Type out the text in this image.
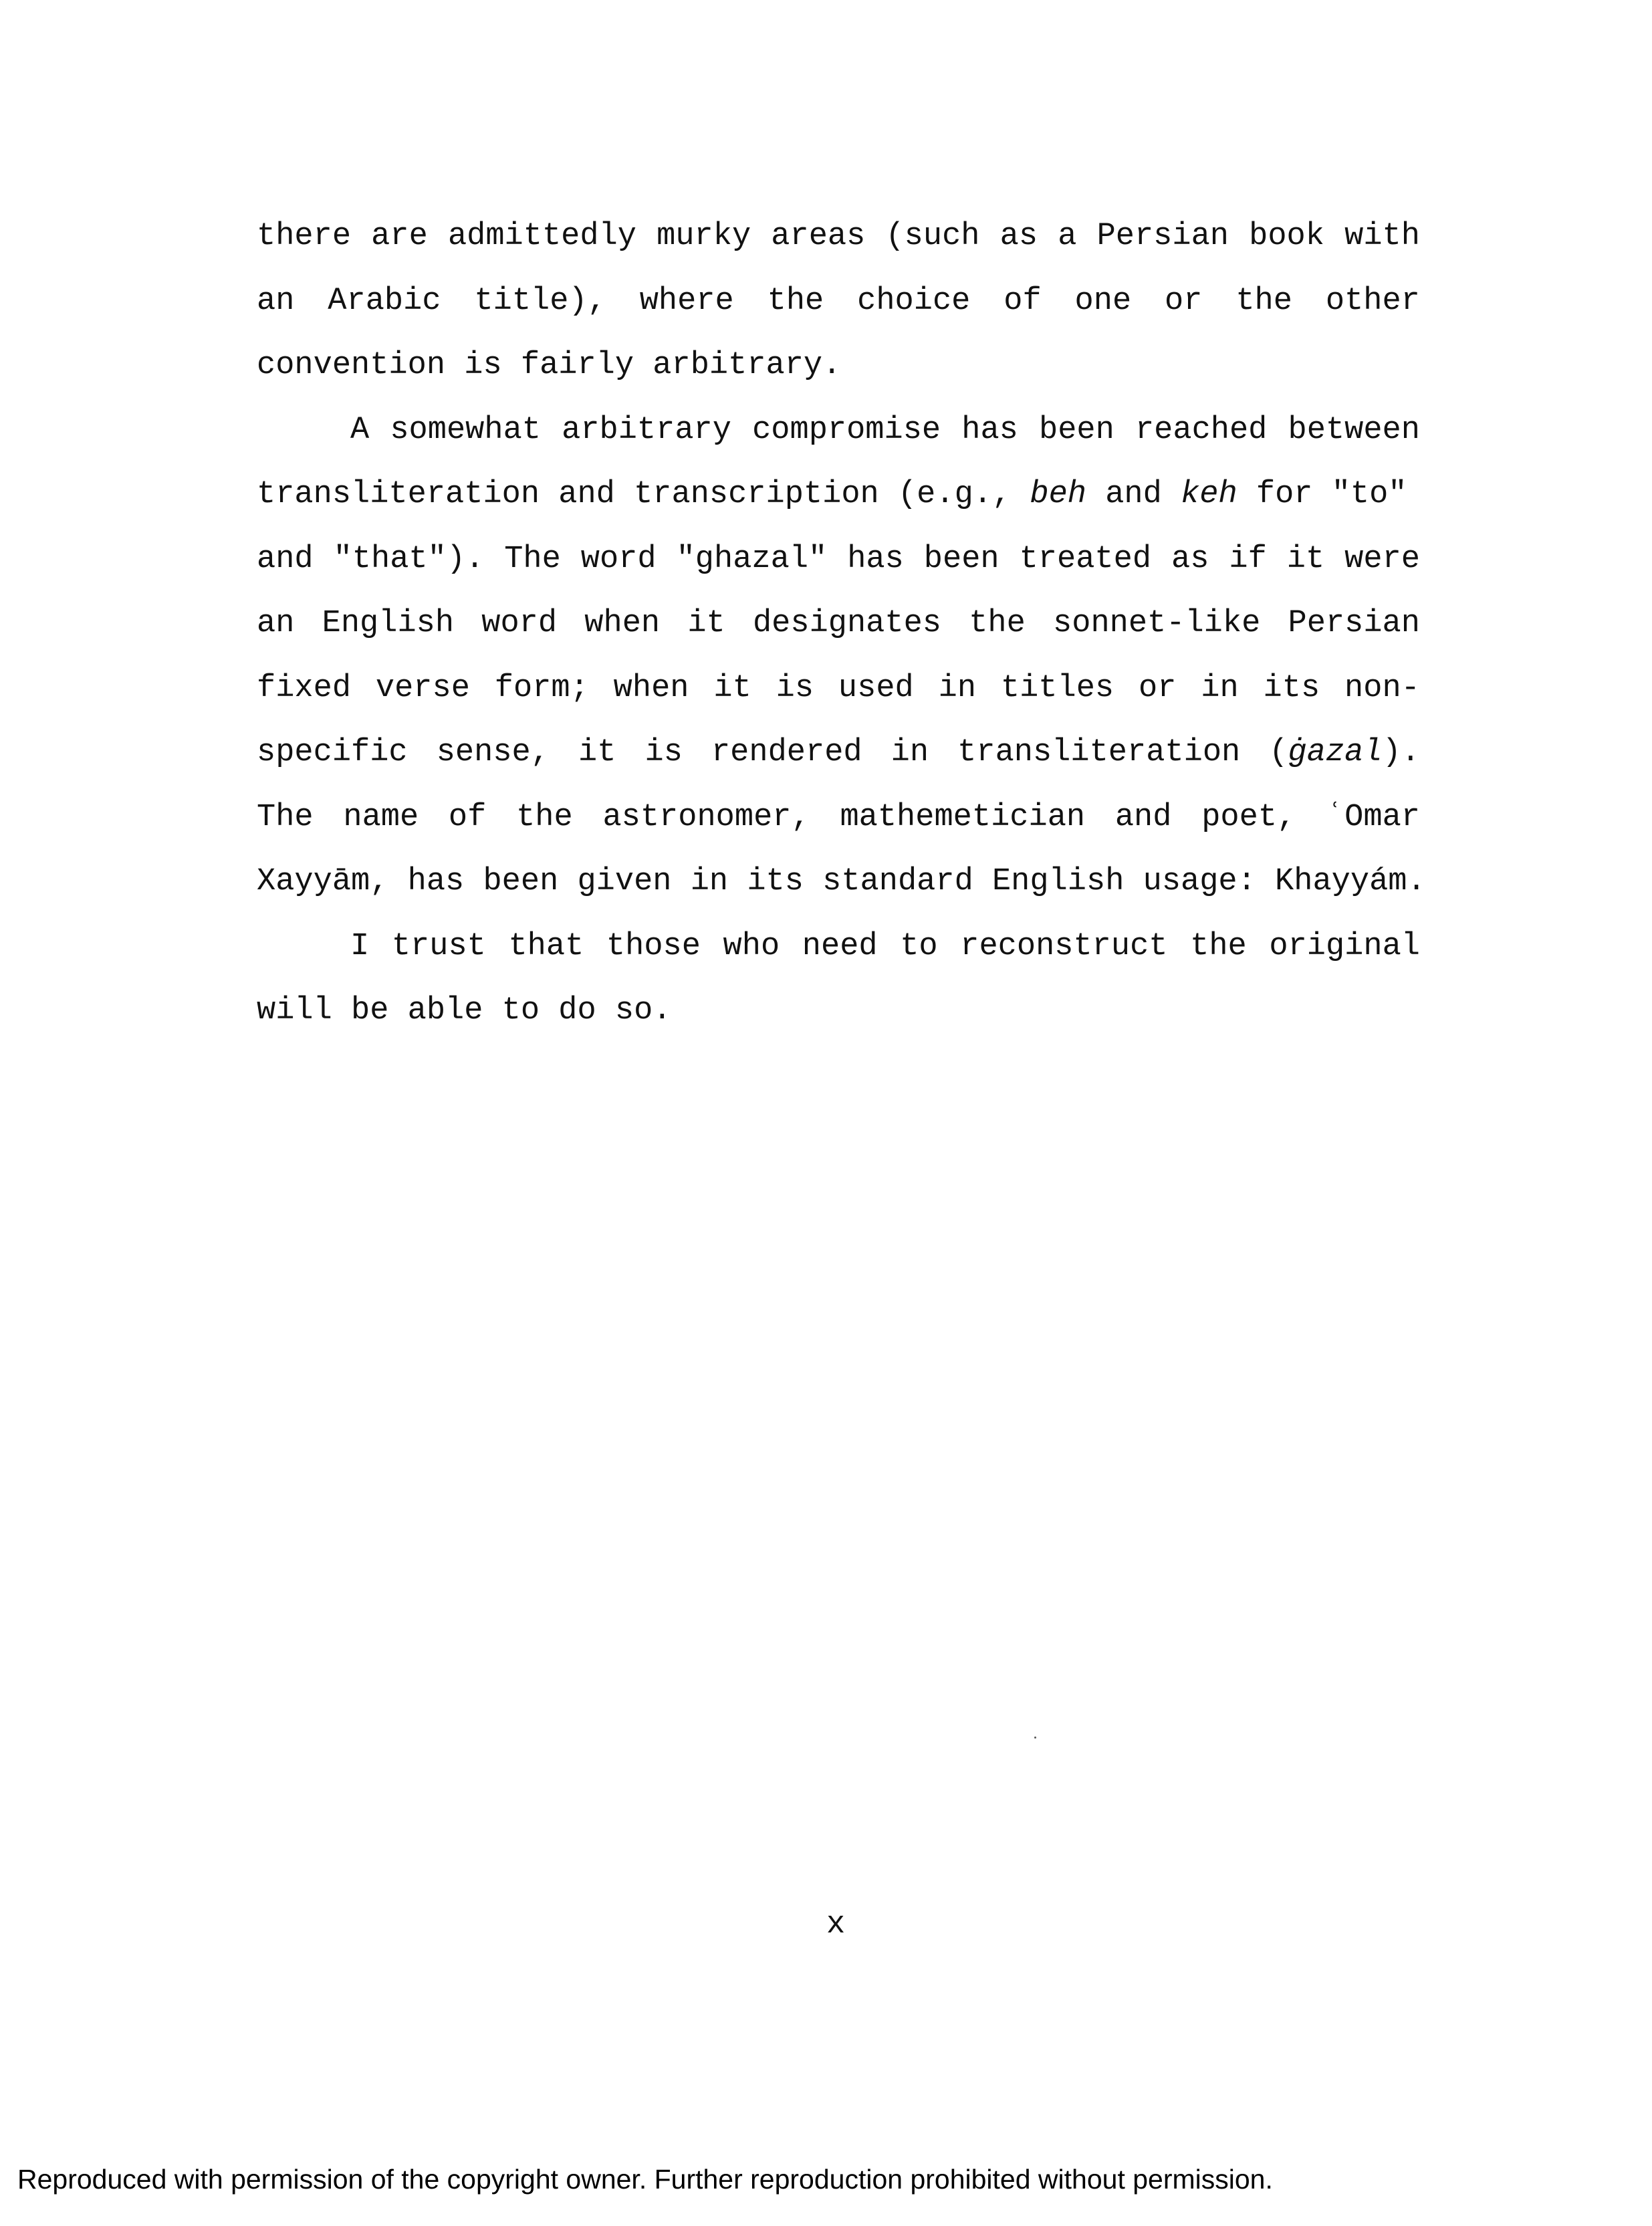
there are admittedly murky areas (such as a Persian book with
an Arabic title), where the choice of one or the other
convention is fairly arbitrary.
A somewhat arbitrary compromise has been reached between
transliteration and transcription (e.g., beh and keh for "to"
and "that"). The word "ghazal" has been treated as if it were
an English word when it designates the sonnet-like Persian
fixed verse form; when it is used in titles or in its non-
specific sense, it is rendered in transliteration (ġazal).
The name of the astronomer, mathemetician and poet, ʿOmar
Xayyām, has been given in its standard English usage: Khayyám.
I trust that those who need to reconstruct the original
will be able to do so.
x
Reproduced with permission of the copyright owner. Further reproduction prohibited without permission.
